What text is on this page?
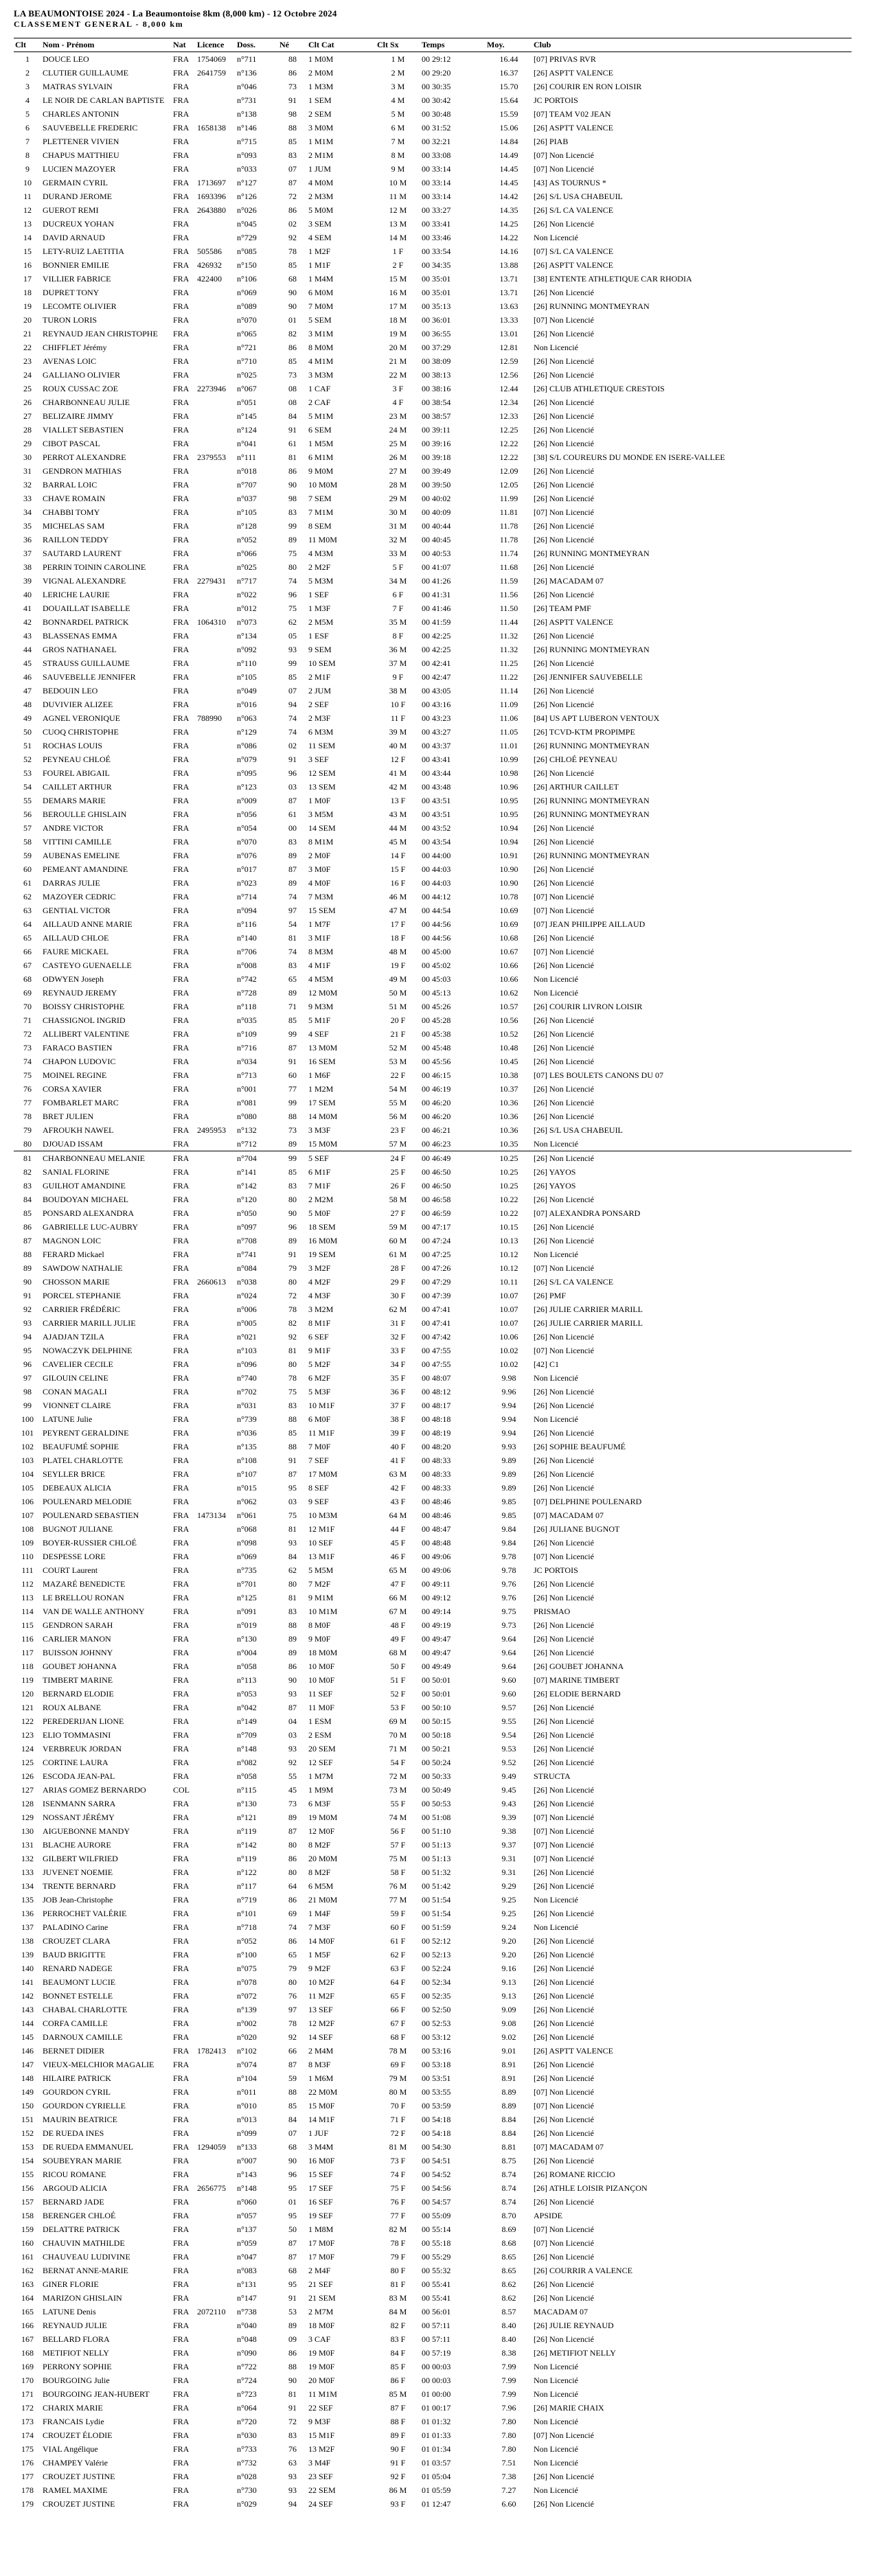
LA BEAUMONTOISE 2024 - La Beaumontoise 8km (8,000 km) - 12 Octobre 2024
CLASSEMENT GENERAL - 8,000 km
Clt	Nom - Prénom	Nat	Licence	Doss.	Né	Clt Cat	Clt Sx	Temps	Moy.	Club
1	DOUCE LEO	FRA	1754069	n°711	88	1 M0M	1 M	00 29:12	16.44	[07] PRIVAS RVR
2	CLUTIER GUILLAUME	FRA	2641759	n°136	86	2 M0M	2 M	00 29:20	16.37	[26] ASPTT VALENCE
3	MATRAS SYLVAIN	FRA		n°046	73	1 M3M	3 M	00 30:35	15.70	[26] COURIR EN RON LOISIR
4	LE NOIR DE CARLAN BAPTISTE	FRA		n°731	91	1 SEM	4 M	00 30:42	15.64	JC PORTOIS
5	CHARLES ANTONIN	FRA		n°138	98	2 SEM	5 M	00 30:48	15.59	[07] TEAM V02 JEAN
6	SAUVEBELLE FREDERIC	FRA	1658138	n°146	88	3 M0M	6 M	00 31:52	15.06	[26] ASPTT VALENCE
7	PLETTENER VIVIEN	FRA		n°715	85	1 M1M	7 M	00 32:21	14.84	[26] PIAB
8	CHAPUS MATTHIEU	FRA		n°093	83	2 M1M	8 M	00 33:08	14.49	[07] Non Licencié
9	LUCIEN MAZOYER	FRA		n°033	07	1 JUM	9 M	00 33:14	14.45	[07] Non Licencié
10	GERMAIN CYRIL	FRA	1713697	n°127	87	4 M0M	10 M	00 33:14	14.45	[43] AS TOURNUS *
11	DURAND JEROME	FRA	1693396	n°126	72	2 M3M	11 M	00 33:14	14.42	[26] S/L USA CHABEUIL
12	GUEROT REMI	FRA	2643880	n°026	86	5 M0M	12 M	00 33:27	14.35	[26] S/L CA VALENCE
13	DUCREUX YOHAN	FRA		n°045	02	3 SEM	13 M	00 33:41	14.25	[26] Non Licencié
14	DAVID ARNAUD	FRA		n°729	92	4 SEM	14 M	00 33:46	14.22	Non Licencié
15	LETY-RUIZ LAETITIA	FRA	505586	n°085	78	1 M2F	1 F	00 33:54	14.16	[07] S/L CA VALENCE
16	BONNIER EMILIE	FRA	426932	n°150	85	1 M1F	2 F	00 34:35	13.88	[26] ASPTT VALENCE
17	VILLIER FABRICE	FRA	422400	n°106	68	1 M4M	15 M	00 35:01	13.71	[38] ENTENTE ATHLETIQUE CAR RHODIA
18	DUPRET TONY	FRA		n°069	90	6 M0M	16 M	00 35:01	13.71	[26] Non Licencié
19	LECOMTE OLIVIER	FRA		n°089	90	7 M0M	17 M	00 35:13	13.63	[26] RUNNING MONTMEYRAN
20	TURON LORIS	FRA		n°070	01	5 SEM	18 M	00 36:01	13.33	[07] Non Licencié
21	REYNAUD JEAN CHRISTOPHE	FRA		n°065	82	3 M1M	19 M	00 36:55	13.01	[26] Non Licencié
22	CHIFFLET Jérémy	FRA		n°721	86	8 M0M	20 M	00 37:29	12.81	Non Licencié
23	AVENAS LOIC	FRA		n°710	85	4 M1M	21 M	00 38:09	12.59	[26] Non Licencié
24	GALLIANO OLIVIER	FRA		n°025	73	3 M3M	22 M	00 38:13	12.56	[26] Non Licencié
25	ROUX CUSSAC ZOE	FRA	2273946	n°067	08	1 CAF	3 F	00 38:16	12.44	[26] CLUB ATHLETIQUE CRESTOIS
26	CHARBONNEAU JULIE	FRA		n°051	08	2 CAF	4 F	00 38:54	12.34	[26] Non Licencié
27	BELIZAIRE JIMMY	FRA		n°145	84	5 M1M	23 M	00 38:57	12.33	[26] Non Licencié
28	VIALLET SEBASTIEN	FRA		n°124	91	6 SEM	24 M	00 39:11	12.25	[26] Non Licencié
29	CIBOT PASCAL	FRA		n°041	61	1 M5M	25 M	00 39:16	12.22	[26] Non Licencié
30	PERROT ALEXANDRE	FRA	2379553	n°111	81	6 M1M	26 M	00 39:18	12.22	[38] S/L COUREURS DU MONDE EN ISERE-VALLEE
31	GENDRON MATHIAS	FRA		n°018	86	9 M0M	27 M	00 39:49	12.09	[26] Non Licencié
32	BARRAL LOIC	FRA		n°707	90	10 M0M	28 M	00 39:50	12.05	[26] Non Licencié
33	CHAVE ROMAIN	FRA		n°037	98	7 SEM	29 M	00 40:02	11.99	[26] Non Licencié
34	CHABBI TOMY	FRA		n°105	83	7 M1M	30 M	00 40:09	11.81	[07] Non Licencié
35	MICHELAS SAM	FRA		n°128	99	8 SEM	31 M	00 40:44	11.78	[26] Non Licencié
36	RAILLON TEDDY	FRA		n°052	89	11 M0M	32 M	00 40:45	11.78	[26] Non Licencié
37	SAUTARD LAURENT	FRA		n°066	75	4 M3M	33 M	00 40:53	11.74	[26] RUNNING MONTMEYRAN
38	PERRIN TOININ CAROLINE	FRA		n°025	80	2 M2F	5 F	00 41:07	11.68	[26] Non Licencié
39	VIGNAL ALEXANDRE	FRA	2279431	n°717	74	5 M3M	34 M	00 41:26	11.59	[26] MACADAM 07
40	LERICHE LAURIE	FRA		n°022	96	1 SEF	6 F	00 41:31	11.56	[26] Non Licencié
41	DOUAILLAT ISABELLE	FRA		n°012	75	1 M3F	7 F	00 41:46	11.50	[26] TEAM PMF
42	BONNARDEL PATRICK	FRA	1064310	n°073	62	2 M5M	35 M	00 41:59	11.44	[26] ASPTT VALENCE
43	BLASSENAS EMMA	FRA		n°134	05	1 ESF	8 F	00 42:25	11.32	[26] Non Licencié
44	GROS NATHANAEL	FRA		n°092	93	9 SEM	36 M	00 42:25	11.32	[26] RUNNING MONTMEYRAN
45	STRAUSS GUILLAUME	FRA		n°110	99	10 SEM	37 M	00 42:41	11.25	[26] Non Licencié
46	SAUVEBELLE JENNIFER	FRA		n°105	85	2 M1F	9 F	00 42:47	11.22	[26] JENNIFER SAUVEBELLE
47	BEDOUIN LEO	FRA		n°049	07	2 JUM	38 M	00 43:05	11.14	[26] Non Licencié
48	DUVIVIER ALIZEE	FRA		n°016	94	2 SEF	10 F	00 43:16	11.09	[26] Non Licencié
49	AGNEL VERONIQUE	FRA	788990	n°063	74	2 M3F	11 F	00 43:23	11.06	[84] US APT LUBERON VENTOUX
50	CUOQ CHRISTOPHE	FRA		n°129	74	6 M3M	39 M	00 43:27	11.05	[26] TCVD-KTM PROPIMPE
51	ROCHAS LOUIS	FRA		n°086	02	11 SEM	40 M	00 43:37	11.01	[26] RUNNING MONTMEYRAN
52	PEYNEAU CHLOÉ	FRA		n°079	91	3 SEF	12 F	00 43:41	10.99	[26] CHLOÉ PEYNEAU
53	FOUREL ABIGAIL	FRA		n°095	96	12 SEM	41 M	00 43:44	10.98	[26] Non Licencié
54	CAILLET ARTHUR	FRA		n°123	03	13 SEM	42 M	00 43:48	10.96	[26] ARTHUR CAILLET
55	DEMARS MARIE	FRA		n°009	87	1 M0F	13 F	00 43:51	10.95	[26] RUNNING MONTMEYRAN
56	BEROULLE GHISLAIN	FRA		n°056	61	3 M5M	43 M	00 43:51	10.95	[26] RUNNING MONTMEYRAN
57	ANDRE VICTOR	FRA		n°054	00	14 SEM	44 M	00 43:52	10.94	[26] Non Licencié
58	VITTINI CAMILLE	FRA		n°070	83	8 M1M	45 M	00 43:54	10.94	[26] Non Licencié
59	AUBENAS EMELINE	FRA		n°076	89	2 M0F	14 F	00 44:00	10.91	[26] RUNNING MONTMEYRAN
60	PEMEANT AMANDINE	FRA		n°017	87	3 M0F	15 F	00 44:03	10.90	[26] Non Licencié
61	DARRAS JULIE	FRA		n°023	89	4 M0F	16 F	00 44:03	10.90	[26] Non Licencié
62	MAZOYER CEDRIC	FRA		n°714	74	7 M3M	46 M	00 44:12	10.78	[07] Non Licencié
63	GENTIAL VICTOR	FRA		n°094	97	15 SEM	47 M	00 44:54	10.69	[07] Non Licencié
64	AILLAUD ANNE MARIE	FRA		n°116	54	1 M7F	17 F	00 44:56	10.69	[07] JEAN PHILIPPE AILLAUD
65	AILLAUD CHLOE	FRA		n°140	81	3 M1F	18 F	00 44:56	10.68	[26] Non Licencié
66	FAURE MICKAEL	FRA		n°706	74	8 M3M	48 M	00 45:00	10.67	[07] Non Licencié
67	CASTEYO GUENAELLE	FRA		n°008	83	4 M1F	19 F	00 45:02	10.66	[26] Non Licencié
68	ODWYEN Joseph	FRA		n°742	65	4 M5M	49 M	00 45:03	10.66	Non Licencié
69	REYNAUD JEREMY	FRA		n°728	89	12 M0M	50 M	00 45:13	10.62	Non Licencié
70	BOISSY CHRISTOPHE	FRA		n°118	71	9 M3M	51 M	00 45:26	10.57	[26] COURIR LIVRON LOISIR
71	CHASSIGNOL INGRID	FRA		n°035	85	5 M1F	20 F	00 45:28	10.56	[26] Non Licencié
72	ALLIBERT VALENTINE	FRA		n°109	99	4 SEF	21 F	00 45:38	10.52	[26] Non Licencié
73	FARACO BASTIEN	FRA		n°716	87	13 M0M	52 M	00 45:48	10.48	[26] Non Licencié
74	CHAPON LUDOVIC	FRA		n°034	91	16 SEM	53 M	00 45:56	10.45	[26] Non Licencié
75	MOINEL REGINE	FRA		n°713	60	1 M6F	22 F	00 46:15	10.38	[07] LES BOULETS CANONS DU 07
76	CORSA XAVIER	FRA		n°001	77	1 M2M	54 M	00 46:19	10.37	[26] Non Licencié
77	FOMBARLET MARC	FRA		n°081	99	17 SEM	55 M	00 46:20	10.36	[26] Non Licencié
78	BRET JULIEN	FRA		n°080	88	14 M0M	56 M	00 46:20	10.36	[26] Non Licencié
79	AFROUKH NAWEL	FRA	2495953	n°132	73	3 M3F	23 F	00 46:21	10.36	[26] S/L USA CHABEUIL
80	DJOUAD ISSAM	FRA		n°712	89	15 M0M	57 M	00 46:23	10.35	Non Licencié
81	CHARBONNEAU MELANIE	FRA		n°704	99	5 SEF	24 F	00 46:49	10.25	[26] Non Licencié
82	SANIAL FLORINE	FRA		n°141	85	6 M1F	25 F	00 46:50	10.25	[26] YAYOS
83	GUILHOT AMANDINE	FRA		n°142	83	7 M1F	26 F	00 46:50	10.25	[26] YAYOS
84	BOUDOYAN MICHAEL	FRA		n°120	80	2 M2M	58 M	00 46:58	10.22	[26] Non Licencié
85	PONSARD ALEXANDRA	FRA		n°050	90	5 M0F	27 F	00 46:59	10.22	[07] ALEXANDRA PONSARD
86	GABRIELLE LUC-AUBRY	FRA		n°097	96	18 SEM	59 M	00 47:17	10.15	[26] Non Licencié
87	MAGNON LOIC	FRA		n°708	89	16 M0M	60 M	00 47:24	10.13	[26] Non Licencié
88	FERARD Mickael	FRA		n°741	91	19 SEM	61 M	00 47:25	10.12	Non Licencié
89	SAWDOW NATHALIE	FRA		n°084	79	3 M2F	28 F	00 47:26	10.12	[07] Non Licencié
90	CHOSSON MARIE	FRA	2660613	n°038	80	4 M2F	29 F	00 47:29	10.11	[26] S/L CA VALENCE
91	PORCEL STEPHANIE	FRA		n°024	72	4 M3F	30 F	00 47:39	10.07	[26] PMF
92	CARRIER FRÉDÉRIC	FRA		n°006	78	3 M2M	62 M	00 47:41	10.07	[26] JULIE CARRIER MARILL
93	CARRIER MARILL JULIE	FRA		n°005	82	8 M1F	31 F	00 47:41	10.07	[26] JULIE CARRIER MARILL
94	AJADJAN TZILA	FRA		n°021	92	6 SEF	32 F	00 47:42	10.06	[26] Non Licencié
95	NOWACZYK DELPHINE	FRA		n°103	81	9 M1F	33 F	00 47:55	10.02	[07] Non Licencié
96	CAVELIER CECILE	FRA		n°096	80	5 M2F	34 F	00 47:55	10.02	[42] C1
97	GILOUIN CELINE	FRA		n°740	78	6 M2F	35 F	00 48:07	9.98	Non Licencié
98	CONAN MAGALI	FRA		n°702	75	5 M3F	36 F	00 48:12	9.96	[26] Non Licencié
99	VIONNET CLAIRE	FRA		n°031	83	10 M1F	37 F	00 48:17	9.94	[26] Non Licencié
100	LATUNE Julie	FRA		n°739	88	6 M0F	38 F	00 48:18	9.94	Non Licencié
101	PEYRENT GERALDINE	FRA		n°036	85	11 M1F	39 F	00 48:19	9.94	[26] Non Licencié
102	BEAUFUMÉ SOPHIE	FRA		n°135	88	7 M0F	40 F	00 48:20	9.93	[26] SOPHIE BEAUFUMÉ
103	PLATEL CHARLOTTE	FRA		n°108	91	7 SEF	41 F	00 48:33	9.89	[26] Non Licencié
104	SEYLLER BRICE	FRA		n°107	87	17 M0M	63 M	00 48:33	9.89	[26] Non Licencié
105	DEBEAUX ALICIA	FRA		n°015	95	8 SEF	42 F	00 48:33	9.89	[26] Non Licencié
106	POULENARD MELODIE	FRA		n°062	03	9 SEF	43 F	00 48:46	9.85	[07] DELPHINE POULENARD
107	POULENARD SEBASTIEN	FRA	1473134	n°061	75	10 M3M	64 M	00 48:46	9.85	[07] MACADAM 07
108	BUGNOT JULIANE	FRA		n°068	81	12 M1F	44 F	00 48:47	9.84	[26] JULIANE BUGNOT
109	BOYER-RUSSIER CHLOÉ	FRA		n°098	93	10 SEF	45 F	00 48:48	9.84	[26] Non Licencié
110	DESPESSE LORE	FRA		n°069	84	13 M1F	46 F	00 49:06	9.78	[07] Non Licencié
111	COURT Laurent	FRA		n°735	62	5 M5M	65 M	00 49:06	9.78	JC PORTOIS
112	MAZARÉ BENEDICTE	FRA		n°701	80	7 M2F	47 F	00 49:11	9.76	[26] Non Licencié
113	LE BRELLOU RONAN	FRA		n°125	81	9 M1M	66 M	00 49:12	9.76	[26] Non Licencié
114	VAN DE WALLE ANTHONY	FRA		n°091	83	10 M1M	67 M	00 49:14	9.75	PRISMAO
115	GENDRON SARAH	FRA		n°019	88	8 M0F	48 F	00 49:19	9.73	[26] Non Licencié
116	CARLIER MANON	FRA		n°130	89	9 M0F	49 F	00 49:47	9.64	[26] Non Licencié
117	BUISSON JOHNNY	FRA		n°004	89	18 M0M	68 M	00 49:47	9.64	[26] Non Licencié
118	GOUBET JOHANNA	FRA		n°058	86	10 M0F	50 F	00 49:49	9.64	[26] GOUBET JOHANNA
119	TIMBERT MARINE	FRA		n°113	90	10 M0F	51 F	00 50:01	9.60	[07] MARINE TIMBERT
120	BERNARD ELODIE	FRA		n°053	93	11 SEF	52 F	00 50:01	9.60	[26] ELODIE BERNARD
121	ROUX ALBANE	FRA		n°042	87	11 M0F	53 F	00 50:10	9.57	[26] Non Licencié
122	PEREDERIJAN LIONE	FRA		n°149	04	1 ESM	69 M	00 50:15	9.55	[26] Non Licencié
123	ELIO TOMMASINI	FRA		n°709	03	2 ESM	70 M	00 50:18	9.54	[26] Non Licencié
124	VERBREUK JORDAN	FRA		n°148	93	20 SEM	71 M	00 50:21	9.53	[26] Non Licencié
125	CORTINE LAURA	FRA		n°082	92	12 SEF	54 F	00 50:24	9.52	[26] Non Licencié
126	ESCODA JEAN-PAL	FRA		n°058	55	1 M7M	72 M	00 50:33	9.49	STRUCTA
127	ARIAS GOMEZ BERNARDO	COL		n°115	45	1 M9M	73 M	00 50:49	9.45	[26] Non Licencié
128	ISENMANN SARRA	FRA		n°130	73	6 M3F	55 F	00 50:53	9.43	[26] Non Licencié
129	NOSSANT JÉRÉMY	FRA		n°121	89	19 M0M	74 M	00 51:08	9.39	[07] Non Licencié
130	AIGUEBONNE MANDY	FRA		n°119	87	12 M0F	56 F	00 51:10	9.38	[07] Non Licencié
131	BLACHE AURORE	FRA		n°142	80	8 M2F	57 F	00 51:13	9.37	[07] Non Licencié
132	GILBERT WILFRIED	FRA		n°119	86	20 M0M	75 M	00 51:13	9.31	[07] Non Licencié
133	JUVENET NOEMIE	FRA		n°122	80	8 M2F	58 F	00 51:32	9.31	[26] Non Licencié
134	TRENTE BERNARD	FRA		n°117	64	6 M5M	76 M	00 51:42	9.29	[26] Non Licencié
135	JOB Jean-Christophe	FRA		n°719	86	21 M0M	77 M	00 51:54	9.25	Non Licencié
136	PERROCHET VALÉRIE	FRA		n°101	69	1 M4F	59 F	00 51:54	9.25	[26] Non Licencié
137	PALADINO Carine	FRA		n°718	74	7 M3F	60 F	00 51:59	9.24	Non Licencié
138	CROUZET CLARA	FRA		n°052	86	14 M0F	61 F	00 52:12	9.20	[26] Non Licencié
139	BAUD BRIGITTE	FRA		n°100	65	1 M5F	62 F	00 52:13	9.20	[26] Non Licencié
140	RENARD NADEGE	FRA		n°075	79	9 M2F	63 F	00 52:24	9.16	[26] Non Licencié
141	BEAUMONT LUCIE	FRA		n°078	80	10 M2F	64 F	00 52:34	9.13	[26] Non Licencié
142	BONNET ESTELLE	FRA		n°072	76	11 M2F	65 F	00 52:35	9.13	[26] Non Licencié
143	CHABAL CHARLOTTE	FRA		n°139	97	13 SEF	66 F	00 52:50	9.09	[26] Non Licencié
144	CORFA CAMILLE	FRA		n°002	78	12 M2F	67 F	00 52:53	9.08	[26] Non Licencié
145	DARNOUX CAMILLE	FRA		n°020	92	14 SEF	68 F	00 53:12	9.02	[26] Non Licencié
146	BERNET DIDIER	FRA	1782413	n°102	66	2 M4M	78 M	00 53:16	9.01	[26] ASPTT VALENCE
147	VIEUX-MELCHIOR MAGALIE	FRA		n°074	87	8 M3F	69 F	00 53:18	8.91	[26] Non Licencié
148	HILAIRE PATRICK	FRA		n°104	59	1 M6M	79 M	00 53:51	8.91	[26] Non Licencié
149	GOURDON CYRIL	FRA		n°011	88	22 M0M	80 M	00 53:55	8.89	[07] Non Licencié
150	GOURDON CYRIELLE	FRA		n°010	85	15 M0F	70 F	00 53:59	8.89	[07] Non Licencié
151	MAURIN BEATRICE	FRA		n°013	84	14 M1F	71 F	00 54:18	8.84	[26] Non Licencié
152	DE RUEDA INES	FRA		n°099	07	1 JUF	72 F	00 54:18	8.84	[26] Non Licencié
153	DE RUEDA EMMANUEL	FRA	1294059	n°133	68	3 M4M	81 M	00 54:30	8.81	[07] MACADAM 07
154	SOUBEYRAN MARIE	FRA		n°007	90	16 M0F	73 F	00 54:51	8.75	[26] Non Licencié
155	RICOU ROMANE	FRA		n°143	96	15 SEF	74 F	00 54:52	8.74	[26] ROMANE RICCIO
156	ARGOUD ALICIA	FRA	2656775	n°148	95	17 SEF	75 F	00 54:56	8.74	[26] ATHLE LOISIR PIZANÇON
157	BERNARD JADE	FRA		n°060	01	16 SEF	76 F	00 54:57	8.74	[26] Non Licencié
158	BERENGER CHLOÉ	FRA		n°057	95	19 SEF	77 F	00 55:09	8.70	APSIDE
159	DELATTRE PATRICK	FRA		n°137	50	1 M8M	82 M	00 55:14	8.69	[07] Non Licencié
160	CHAUVIN MATHILDE	FRA		n°059	87	17 M0F	78 F	00 55:18	8.68	[07] Non Licencié
161	CHAUVEAU LUDIVINE	FRA		n°047	87	17 M0F	79 F	00 55:29	8.65	[26] Non Licencié
162	BERNAT ANNE-MARIE	FRA		n°083	68	2 M4F	80 F	00 55:32	8.65	[26] COURRIR A VALENCE
163	GINER FLORIE	FRA		n°131	95	21 SEF	81 F	00 55:41	8.62	[26] Non Licencié
164	MARIZON GHISLAIN	FRA		n°147	91	21 SEM	83 M	00 55:41	8.62	[26] Non Licencié
165	LATUNE Denis	FRA	2072110	n°738	53	2 M7M	84 M	00 56:01	8.57	MACADAM 07
166	REYNAUD JULIE	FRA		n°040	89	18 M0F	82 F	00 57:11	8.40	[26] JULIE REYNAUD
167	BELLARD FLORA	FRA		n°048	09	3 CAF	83 F	00 57:11	8.40	[26] Non Licencié
168	METIFIOT NELLY	FRA		n°090	86	19 M0F	84 F	00 57:19	8.38	[26] METIFIOT NELLY
169	PERRONY SOPHIE	FRA		n°722	88	19 M0F	85 F	00 00:03	7.99	Non Licencié
170	BOURGOING Julie	FRA		n°724	90	20 M0F	86 F	00 00:03	7.99	Non Licencié
171	BOURGOING JEAN-HUBERT	FRA		n°723	81	11 M1M	85 M	01 00:00	7.99	Non Licencié
172	CHARIX MARIE	FRA		n°064	91	22 SEF	87 F	01 00:17	7.96	[26] MARIE CHAIX
173	FRANCAIS Lydie	FRA		n°720	72	9 M3F	88 F	01 01:32	7.80	Non Licencié
174	CROUZET ÉLODIE	FRA		n°030	83	15 M1F	89 F	01 01:33	7.80	[07] Non Licencié
175	VIAL Angélique	FRA		n°733	76	13 M2F	90 F	01 01:34	7.80	Non Licencié
176	CHAMPEY Valérie	FRA		n°732	63	3 M4F	91 F	01 03:57	7.51	Non Licencié
177	CROUZET JUSTINE	FRA		n°028	93	23 SEF	92 F	01 05:04	7.38	[26] Non Licencié
178	RAMEL MAXIME	FRA		n°730	93	22 SEM	86 M	01 05:59	7.27	Non Licencié
179	CROUZET JUSTINE	FRA		n°029	94	24 SEF	93 F	01 12:47	6.60	[26] Non Licencié
